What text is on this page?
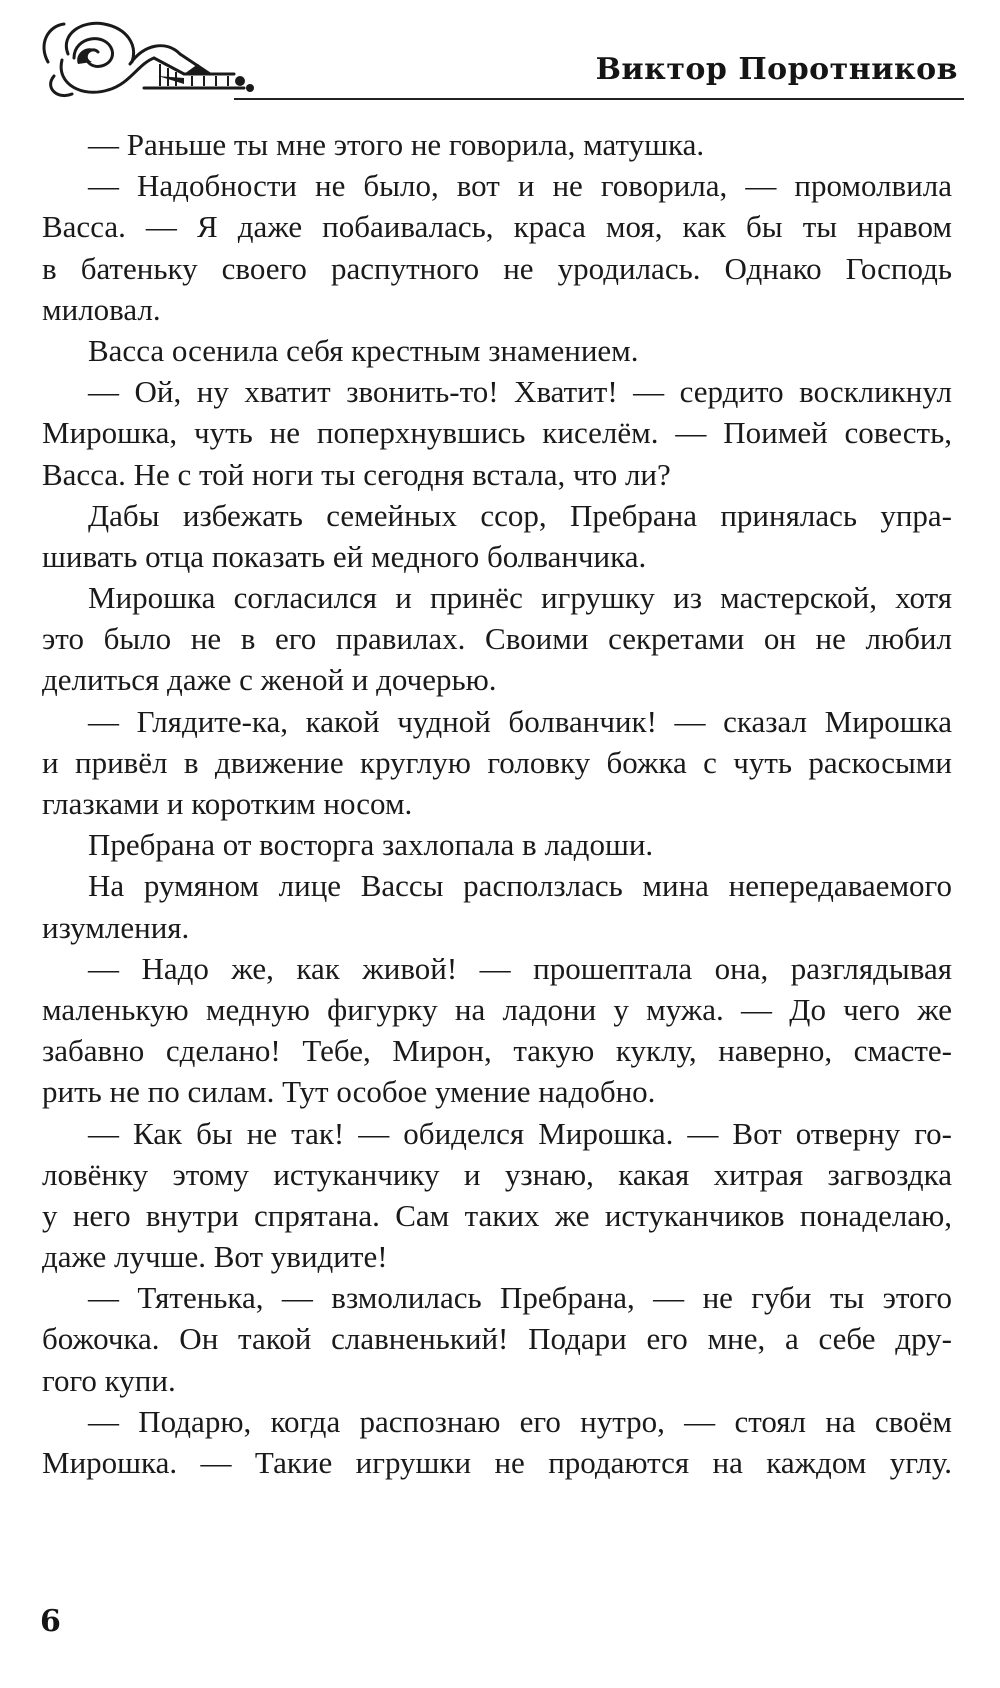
Виктор Поротников
— Раньше ты мне этого не говорила, матушка.
— Надобности не было, вот и не говорила, — промолвила
Васса. — Я даже побаивалась, краса моя, как бы ты нравом
в батеньку своего распутного не уродилась. Однако Господь
миловал.
Васса осенила себя крестным знамением.
— Ой, ну хватит звонить-то! Хватит! — сердито воскликнул
Мирошка, чуть не поперхнувшись киселём. — Поимей совесть,
Васса. Не с той ноги ты сегодня встала, что ли?
Дабы избежать семейных ссор, Пребрана принялась упра-
шивать отца показать ей медного болванчика.
Мирошка согласился и принёс игрушку из мастерской, хотя
это было не в его правилах. Своими секретами он не любил
делиться даже с женой и дочерью.
— Глядите-ка, какой чудной болванчик! — сказал Мирошка
и привёл в движение круглую головку божка с чуть раскосыми
глазками и коротким носом.
Пребрана от восторга захлопала в ладоши.
На румяном лице Вассы расползлась мина непередаваемого
изумления.
— Надо же, как живой! — прошептала она, разглядывая
маленькую медную фигурку на ладони у мужа. — До чего же
забавно сделано! Тебе, Мирон, такую куклу, наверно, смасте-
рить не по силам. Тут особое умение надобно.
— Как бы не так! — обиделся Мирошка. — Вот отверну го-
ловёнку этому истуканчику и узнаю, какая хитрая загвоздка
у него внутри спрятана. Сам таких же истуканчиков понаделаю,
даже лучше. Вот увидите!
— Тятенька, — взмолилась Пребрана, — не губи ты этого
божочка. Он такой славненький! Подари его мне, а себе дру-
гого купи.
— Подарю, когда распознаю его нутро, — стоял на своём
Мирошка. — Такие игрушки не продаются на каждом углу.
6
